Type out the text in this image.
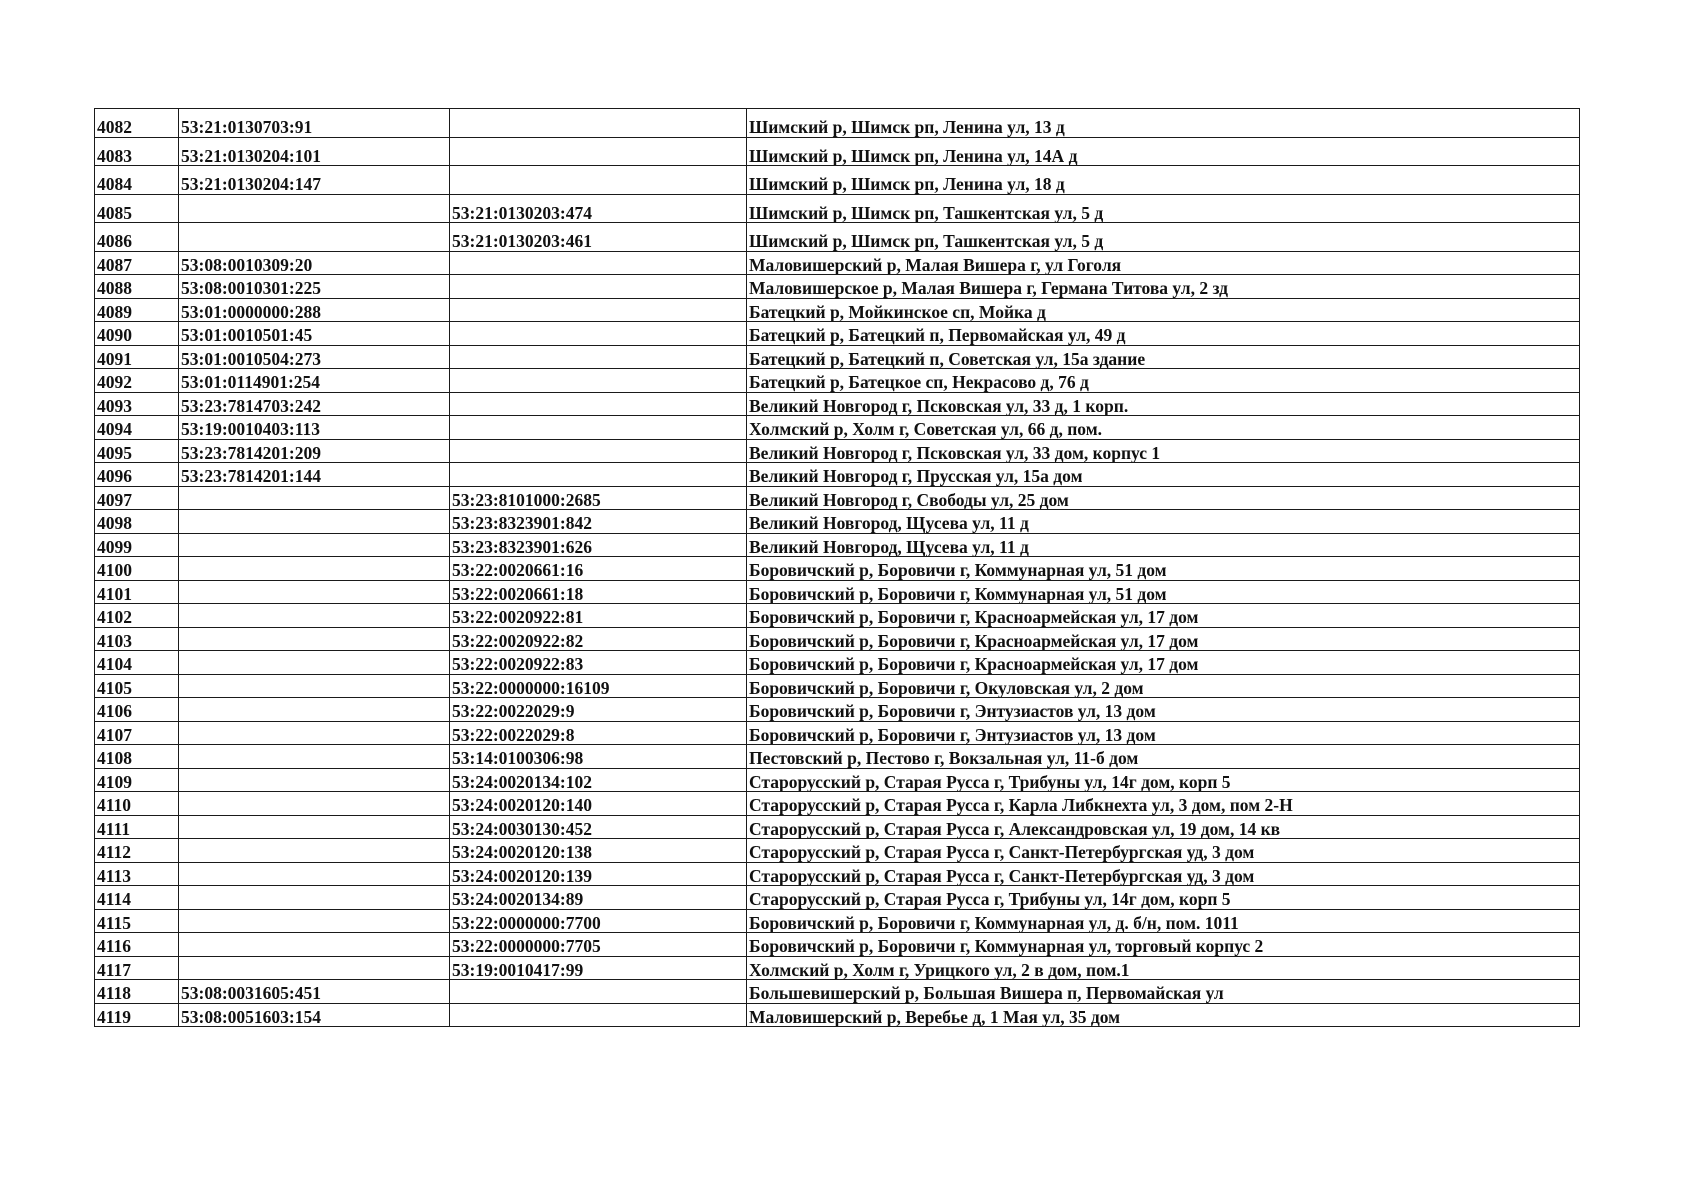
4082	53:21:0130703:91		Шимский р, Шимск рп, Ленина ул, 13 д
4083	53:21:0130204:101		Шимский р, Шимск рп, Ленина ул, 14А д
4084	53:21:0130204:147		Шимский р, Шимск рп, Ленина ул, 18 д
4085		53:21:0130203:474	Шимский р, Шимск рп, Ташкентская ул, 5 д
4086		53:21:0130203:461	Шимский р, Шимск рп, Ташкентская ул, 5 д
4087	53:08:0010309:20		Маловишерский р, Малая Вишера г, ул Гоголя
4088	53:08:0010301:225		Маловишерское р, Малая Вишера г, Германа Титова ул, 2 зд
4089	53:01:0000000:288		Батецкий р, Мойкинское сп, Мойка д
4090	53:01:0010501:45		Батецкий р, Батецкий п, Первомайская ул, 49 д
4091	53:01:0010504:273		Батецкий р, Батецкий п, Советская ул, 15а здание
4092	53:01:0114901:254		Батецкий р, Батецкое сп, Некрасово д, 76 д
4093	53:23:7814703:242		Великий Новгород г, Псковская ул, 33 д, 1 корп.
4094	53:19:0010403:113		Холмский р, Холм г, Советская ул, 66 д, пом.
4095	53:23:7814201:209		Великий Новгород г, Псковская ул, 33 дом, корпус 1
4096	53:23:7814201:144		Великий Новгород г, Прусская ул, 15а дом
4097		53:23:8101000:2685	Великий Новгород г, Свободы ул, 25 дом
4098		53:23:8323901:842	Великий Новгород, Щусева ул, 11 д
4099		53:23:8323901:626	Великий Новгород, Щусева ул, 11 д
4100		53:22:0020661:16	Боровичский р, Боровичи г, Коммунарная ул, 51 дом
4101		53:22:0020661:18	Боровичский р, Боровичи г, Коммунарная ул, 51 дом
4102		53:22:0020922:81	Боровичский р, Боровичи г, Красноармейская ул, 17 дом
4103		53:22:0020922:82	Боровичский р, Боровичи г, Красноармейская ул, 17 дом
4104		53:22:0020922:83	Боровичский р, Боровичи г, Красноармейская ул, 17 дом
4105		53:22:0000000:16109	Боровичский р, Боровичи г, Окуловская ул, 2 дом
4106		53:22:0022029:9	Боровичский р, Боровичи г, Энтузиастов ул, 13 дом
4107		53:22:0022029:8	Боровичский р, Боровичи г, Энтузиастов ул, 13 дом
4108		53:14:0100306:98	Пестовский р, Пестово г, Вокзальная ул, 11-б дом
4109		53:24:0020134:102	Старорусский р, Старая Русса г, Трибуны ул, 14г дом, корп 5
4110		53:24:0020120:140	Старорусский р, Старая Русса г, Карла Либкнехта ул, 3 дом, пом 2-Н
4111		53:24:0030130:452	Старорусский р, Старая Русса г, Александровская ул, 19 дом, 14 кв
4112		53:24:0020120:138	Старорусский р, Старая Русса г, Санкт-Петербургская уд, 3 дом
4113		53:24:0020120:139	Старорусский р, Старая Русса г, Санкт-Петербургская уд, 3 дом
4114		53:24:0020134:89	Старорусский р, Старая Русса г, Трибуны ул, 14г дом, корп 5
4115		53:22:0000000:7700	Боровичский р, Боровичи г, Коммунарная ул, д. б/н, пом. 1011
4116		53:22:0000000:7705	Боровичский р, Боровичи г, Коммунарная ул, торговый корпус 2
4117		53:19:0010417:99	Холмский р, Холм г, Урицкого ул, 2 в дом, пом.1
4118	53:08:0031605:451		Большевишерский р, Большая Вишера п, Первомайская ул
4119	53:08:0051603:154		Маловишерский р, Веребье д, 1 Мая ул, 35 дом
